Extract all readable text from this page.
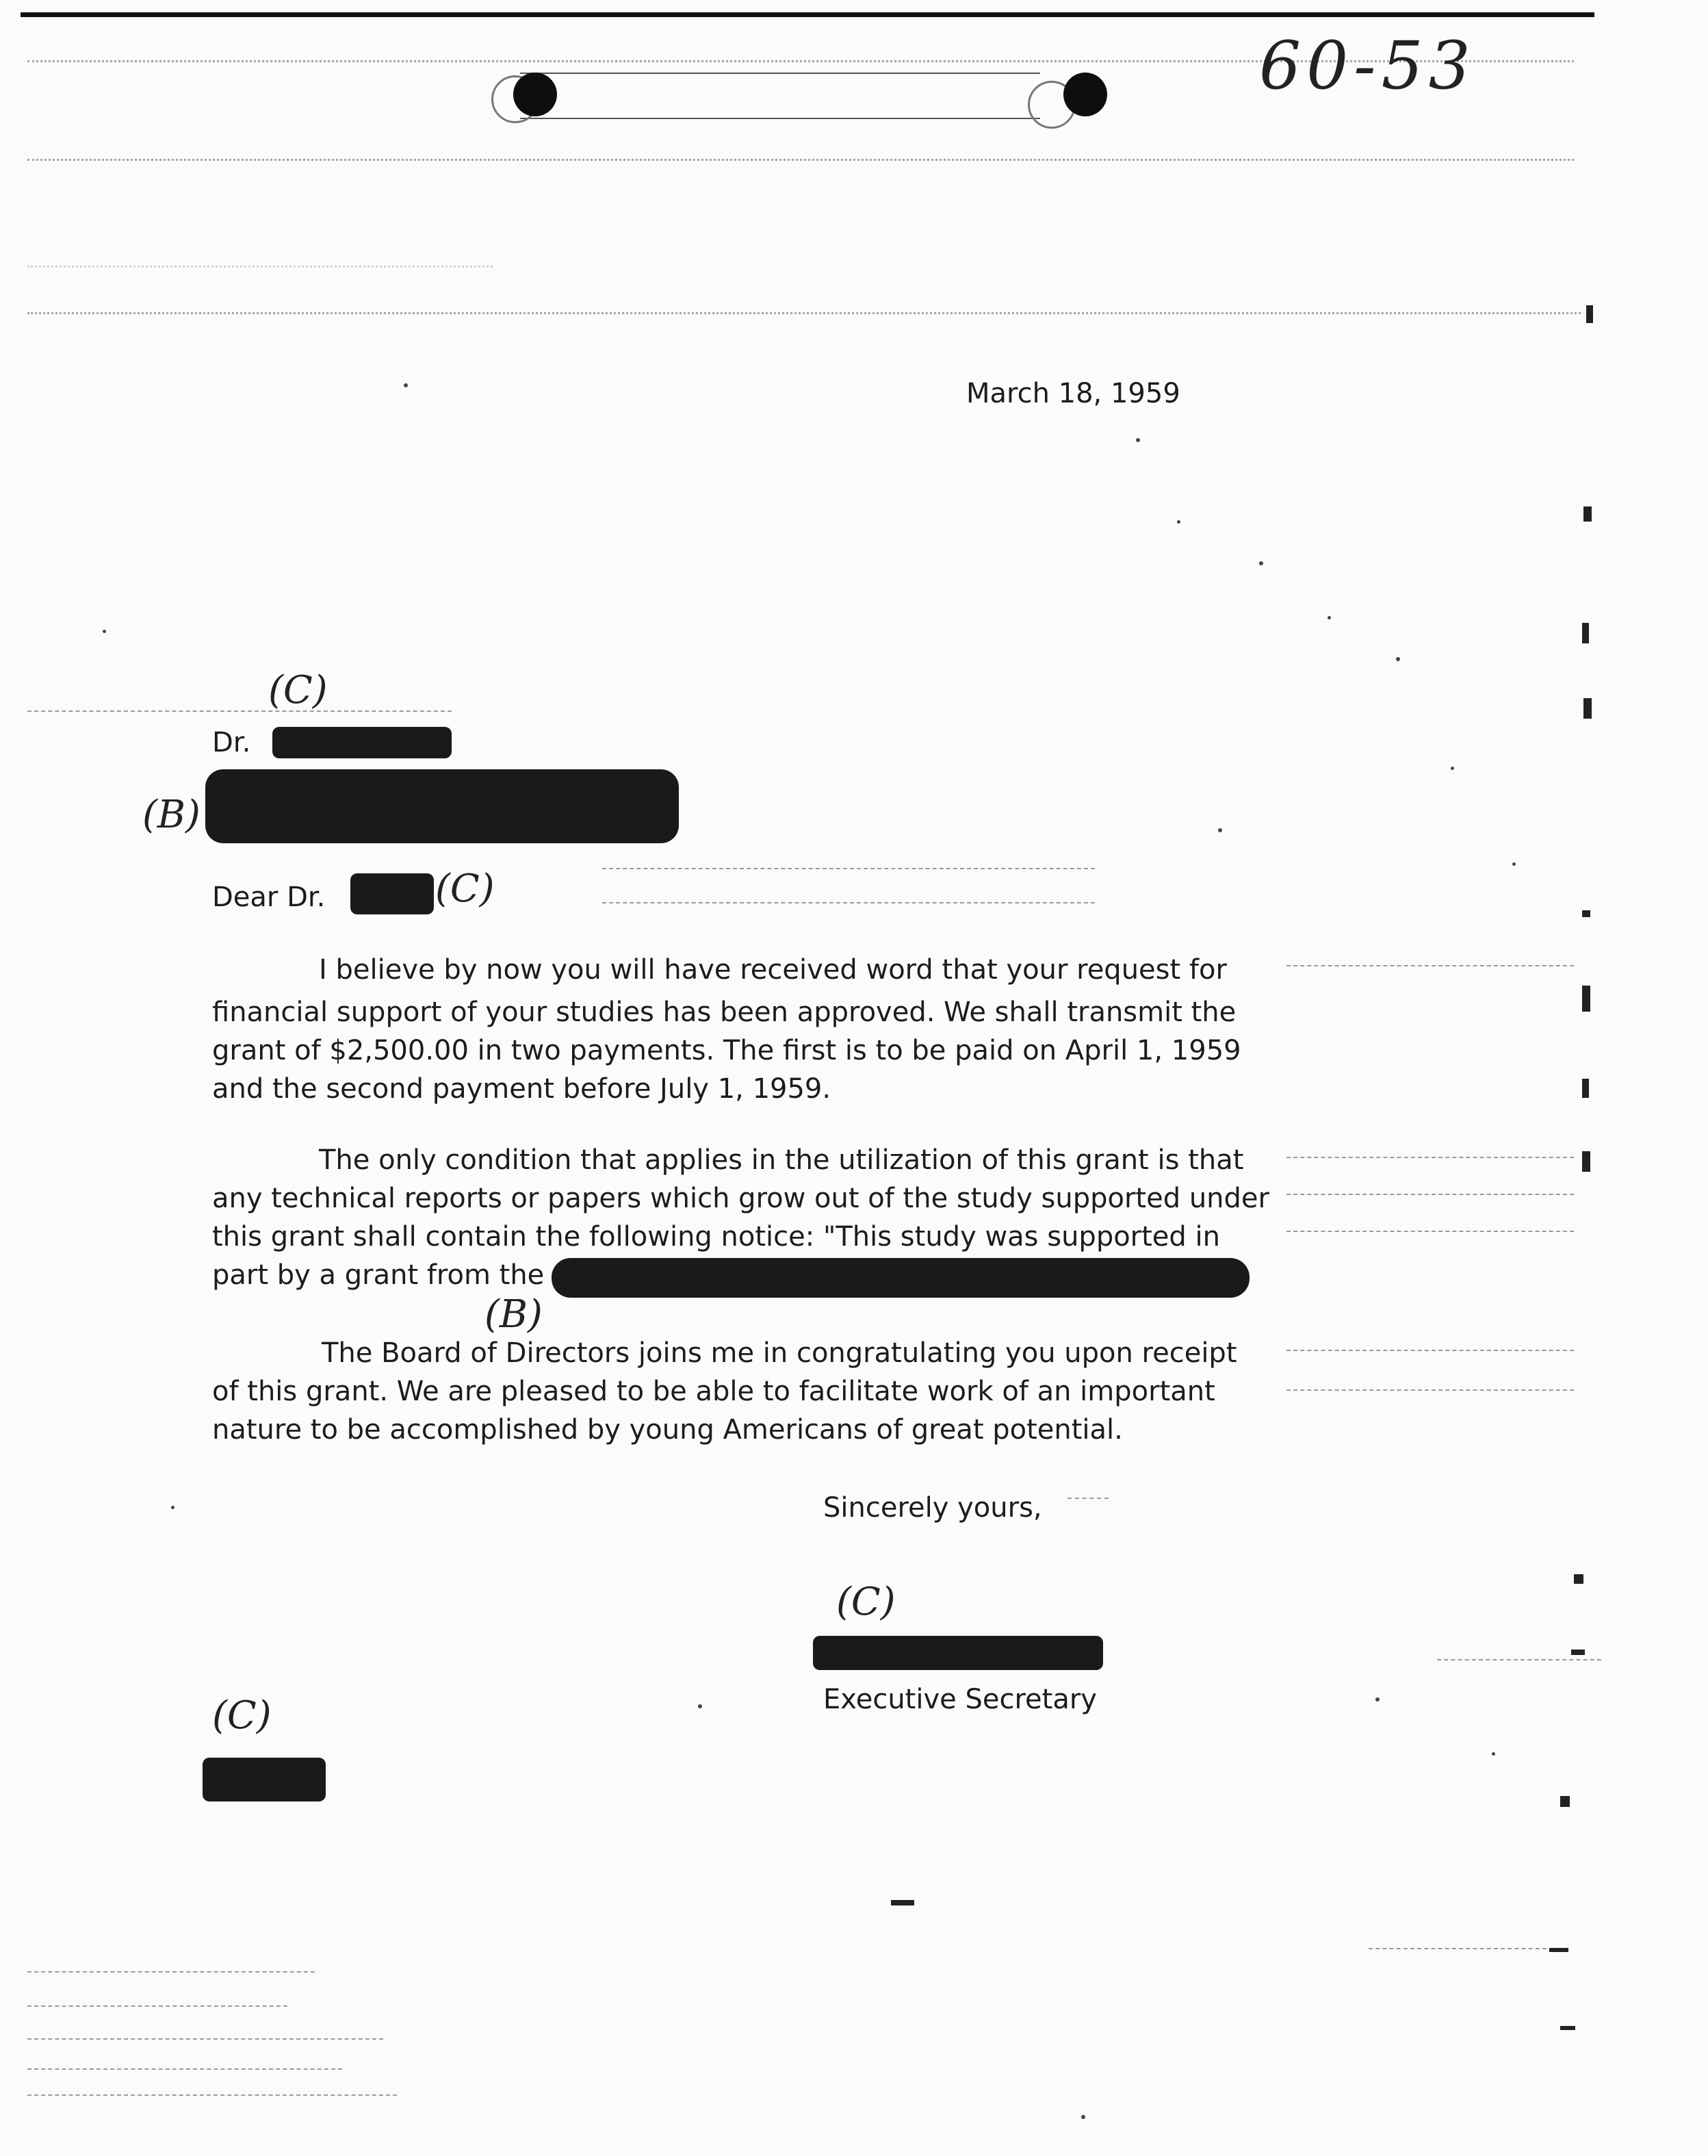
60-53
March 18, 1959
(C)
Dr.
(B)
Dear Dr.	(C)
I believe by now you will have received word that your request for
financial support of your studies has been approved. We shall transmit the
grant of $2,500.00 in two payments. The first is to be paid on April 1, 1959
and the second payment before July 1, 1959.
The only condition that applies in the utilization of this grant is that
any technical reports or papers which grow out of the study supported under
this grant shall contain the following notice: "This study was supported in
part by a grant from the
(B)
The Board of Directors joins me in congratulating you upon receipt
of this grant. We are pleased to be able to facilitate work of an important
nature to be accomplished by young Americans of great potential.
Sincerely yours,
(C)
Executive Secretary
(C)
